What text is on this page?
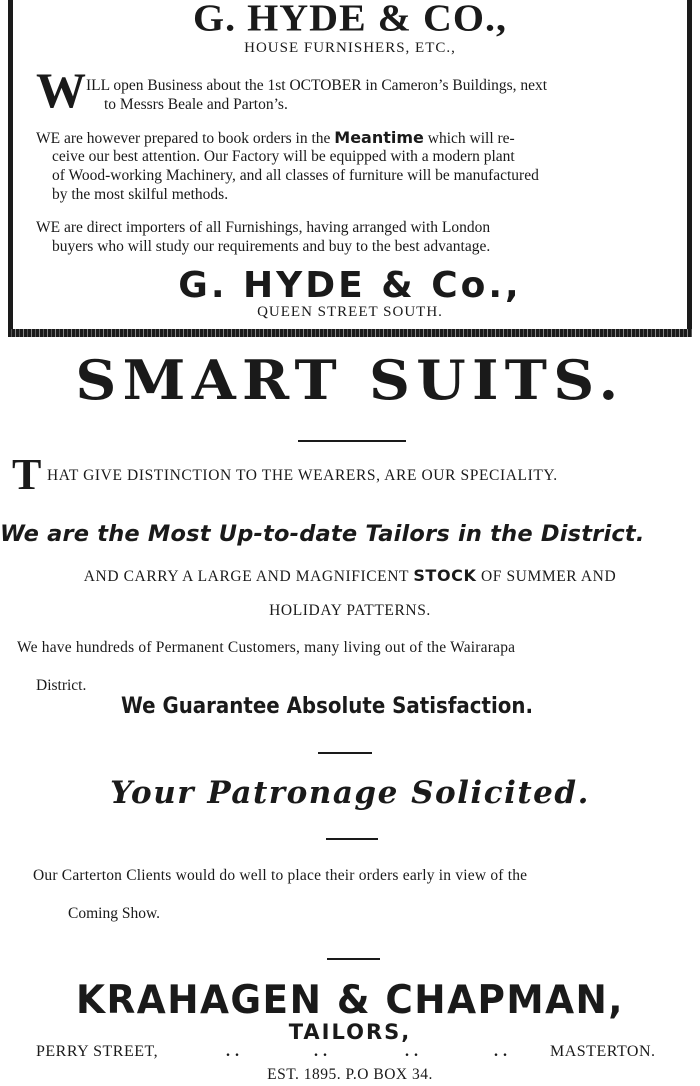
G. HYDE & CO.,
HOUSE FURNISHERS, ETC.,
W ILL open Business about the 1st OCTOBER in Cameron’s Buildings, next
to Messrs Beale and Parton’s.
WE are however prepared to book orders in the Meantime which will re-
ceive our best attention. Our Factory will be equipped with a modern plant
of Wood-working Machinery, and all classes of furniture will be manufactured
by the most skilful methods.
WE are direct importers of all Furnishings, having arranged with London
buyers who will study our requirements and buy to the best advantage.
G. HYDE & Co.,
QUEEN STREET SOUTH.
SMART SUITS.
T HAT GIVE DISTINCTION TO THE WEARERS, ARE OUR SPECIALITY.
We are the Most Up-to-date Tailors in the District.
AND CARRY A LARGE AND MAGNIFICENT STOCK OF SUMMER AND
HOLIDAY PATTERNS.
We have hundreds of Permanent Customers, many living out of the Wairarapa
District.
We Guarantee Absolute Satisfaction.
Your Patronage Solicited.
Our Carterton Clients would do well to place their orders early in view of the
Coming Show.
KRAHAGEN & CHAPMAN,
TAILORS,
PERRY STREET,	. .	. .	. .	. .	MASTERTON.
EST. 1895. P.O BOX 34.
